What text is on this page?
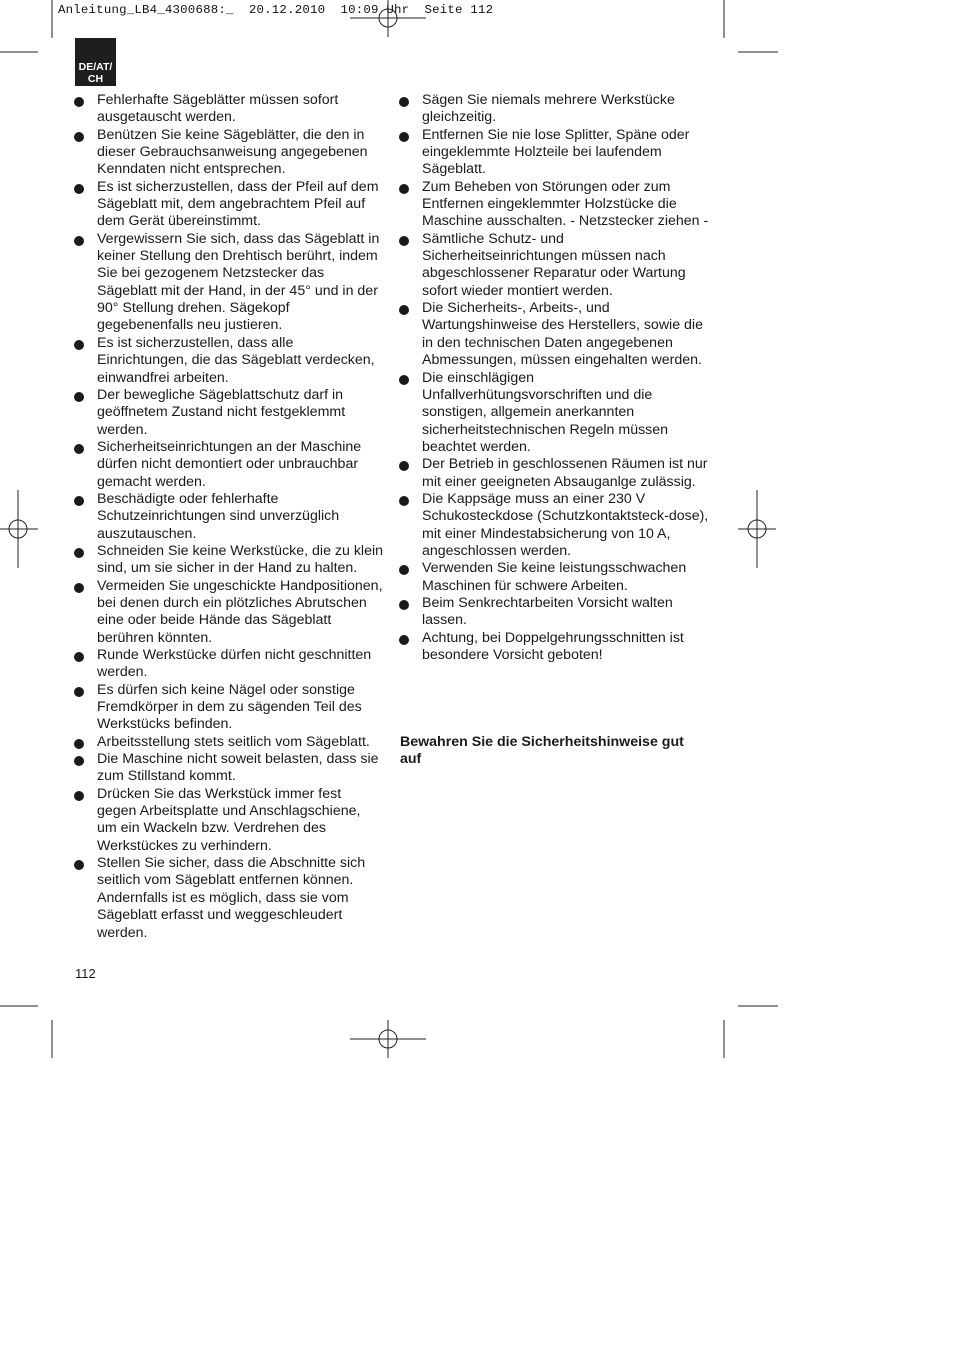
Anleitung_LB4_4300688:_  20.12.2010  10:09 Uhr  Seite 112
DE/AT/
CH
Fehlerhafte Sägeblätter müssen sofort ausgetauscht werden.
Benützen Sie keine Sägeblätter, die den in dieser Gebrauchsanweisung angegebenen Kenndaten nicht entsprechen.
Es ist sicherzustellen, dass der Pfeil auf dem Sägeblatt mit, dem angebrachtem Pfeil auf dem Gerät übereinstimmt.
Vergewissern Sie sich, dass das Sägeblatt in keiner Stellung den Drehtisch berührt, indem Sie bei gezogenem Netzstecker das Sägeblatt mit der Hand, in der 45° und in der 90° Stellung drehen. Sägekopf gegebenenfalls neu justieren.
Es ist sicherzustellen, dass alle Einrichtungen, die das Sägeblatt verdecken, einwandfrei arbeiten.
Der bewegliche Sägeblattschutz darf in geöffnetem Zustand nicht festgeklemmt werden.
Sicherheitseinrichtungen an der Maschine dürfen nicht demontiert oder unbrauchbar gemacht werden.
Beschädigte oder fehlerhafte Schutzeinrichtungen sind unverzüglich auszutauschen.
Schneiden Sie keine Werkstücke, die zu klein sind, um sie sicher in der Hand zu halten.
Vermeiden Sie ungeschickte Handpositionen, bei denen durch ein plötzliches Abrutschen eine oder beide Hände das Sägeblatt berühren könnten.
Runde Werkstücke dürfen nicht geschnitten werden.
Es dürfen sich keine Nägel oder sonstige Fremdkörper in dem zu sägenden Teil des Werkstücks befinden.
Arbeitsstellung stets seitlich vom Sägeblatt.
Die Maschine nicht soweit belasten, dass sie zum Stillstand kommt.
Drücken Sie das Werkstück immer fest gegen Arbeitsplatte und Anschlagschiene, um ein Wackeln bzw. Verdrehen des Werkstückes zu verhindern.
Stellen Sie sicher, dass die Abschnitte sich seitlich vom Sägeblatt entfernen können. Andernfalls ist es möglich, dass sie vom Sägeblatt erfasst und weggeschleudert werden.
Sägen Sie niemals mehrere Werkstücke gleichzeitig.
Entfernen Sie nie lose Splitter, Späne oder eingeklemmte Holzteile bei laufendem Sägeblatt.
Zum Beheben von Störungen oder zum Entfernen eingeklemmter Holzstücke die Maschine ausschalten. - Netzstecker ziehen -
Sämtliche Schutz- und Sicherheitseinrichtungen müssen nach abgeschlossener Reparatur oder Wartung sofort wieder montiert werden.
Die Sicherheits-, Arbeits-, und Wartungshinweise des Herstellers, sowie die in den technischen Daten angegebenen Abmessungen, müssen eingehalten werden.
Die einschlägigen Unfallverhütungsvorschriften und die sonstigen, allgemein anerkannten sicherheitstechnischen Regeln müssen beachtet werden.
Der Betrieb in geschlossenen Räumen ist nur mit einer geeigneten Absauganlge zulässig.
Die Kappsäge muss an einer 230 V Schukosteckdose (Schutzkontaktsteck-dose), mit einer Mindestabsicherung von 10 A, angeschlossen werden.
Verwenden Sie keine leistungsschwachen Maschinen für schwere Arbeiten.
Beim Senkrechtarbeiten Vorsicht walten lassen.
Achtung, bei Doppelgehrungsschnitten ist besondere Vorsicht geboten!
Bewahren Sie die Sicherheitshinweise gut auf
112
